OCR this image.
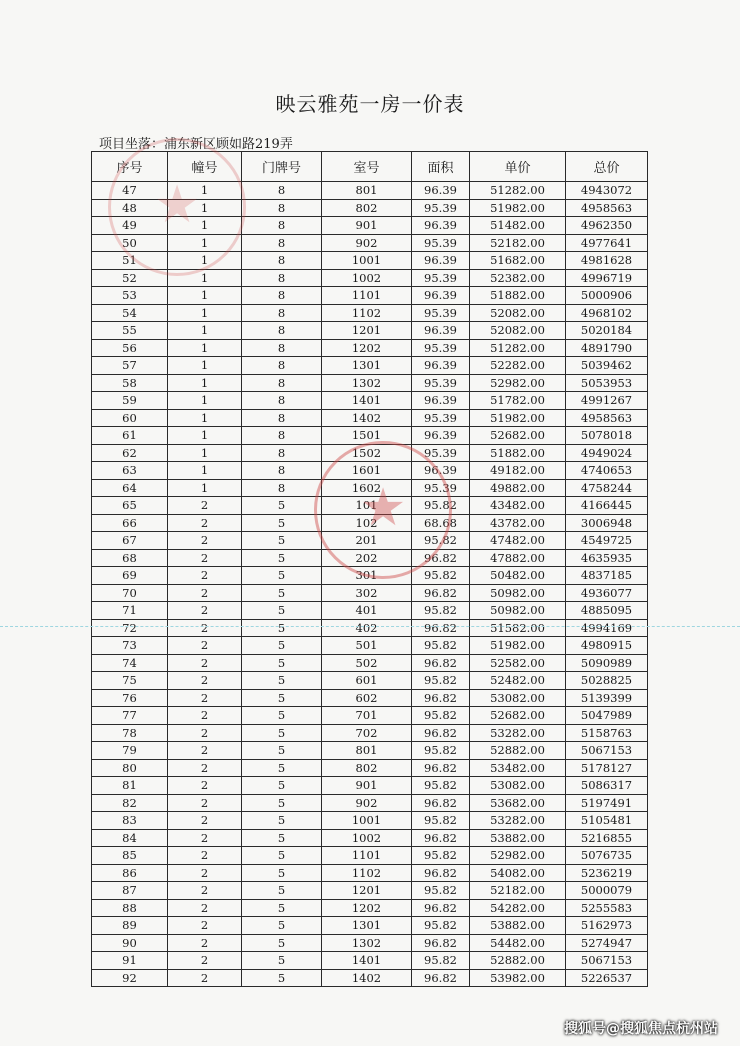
映云雅苑一房一价表
项目坐落：浦东新区顾如路219弄
序号	幢号	门牌号	室号	面积	单价	总价
47	1	8	801	96.39	51282.00	4943072
48	1	8	802	95.39	51982.00	4958563
49	1	8	901	96.39	51482.00	4962350
50	1	8	902	95.39	52182.00	4977641
51	1	8	1001	96.39	51682.00	4981628
52	1	8	1002	95.39	52382.00	4996719
53	1	8	1101	96.39	51882.00	5000906
54	1	8	1102	95.39	52082.00	4968102
55	1	8	1201	96.39	52082.00	5020184
56	1	8	1202	95.39	51282.00	4891790
57	1	8	1301	96.39	52282.00	5039462
58	1	8	1302	95.39	52982.00	5053953
59	1	8	1401	96.39	51782.00	4991267
60	1	8	1402	95.39	51982.00	4958563
61	1	8	1501	96.39	52682.00	5078018
62	1	8	1502	95.39	51882.00	4949024
63	1	8	1601	96.39	49182.00	4740653
64	1	8	1602	95.39	49882.00	4758244
65	2	5	101	95.82	43482.00	4166445
66	2	5	102	68.68	43782.00	3006948
67	2	5	201	95.82	47482.00	4549725
68	2	5	202	96.82	47882.00	4635935
69	2	5	301	95.82	50482.00	4837185
70	2	5	302	96.82	50982.00	4936077
71	2	5	401	95.82	50982.00	4885095
72	2	5	402	96.82	51582.00	4994169
73	2	5	501	95.82	51982.00	4980915
74	2	5	502	96.82	52582.00	5090989
75	2	5	601	95.82	52482.00	5028825
76	2	5	602	96.82	53082.00	5139399
77	2	5	701	95.82	52682.00	5047989
78	2	5	702	96.82	53282.00	5158763
79	2	5	801	95.82	52882.00	5067153
80	2	5	802	96.82	53482.00	5178127
81	2	5	901	95.82	53082.00	5086317
82	2	5	902	96.82	53682.00	5197491
83	2	5	1001	95.82	53282.00	5105481
84	2	5	1002	96.82	53882.00	5216855
85	2	5	1101	95.82	52982.00	5076735
86	2	5	1102	96.82	54082.00	5236219
87	2	5	1201	95.82	52182.00	5000079
88	2	5	1202	96.82	54282.00	5255583
89	2	5	1301	95.82	53882.00	5162973
90	2	5	1302	96.82	54482.00	5274947
91	2	5	1401	95.82	52882.00	5067153
92	2	5	1402	96.82	53982.00	5226537
★
★
搜狐号@搜狐焦点杭州站
